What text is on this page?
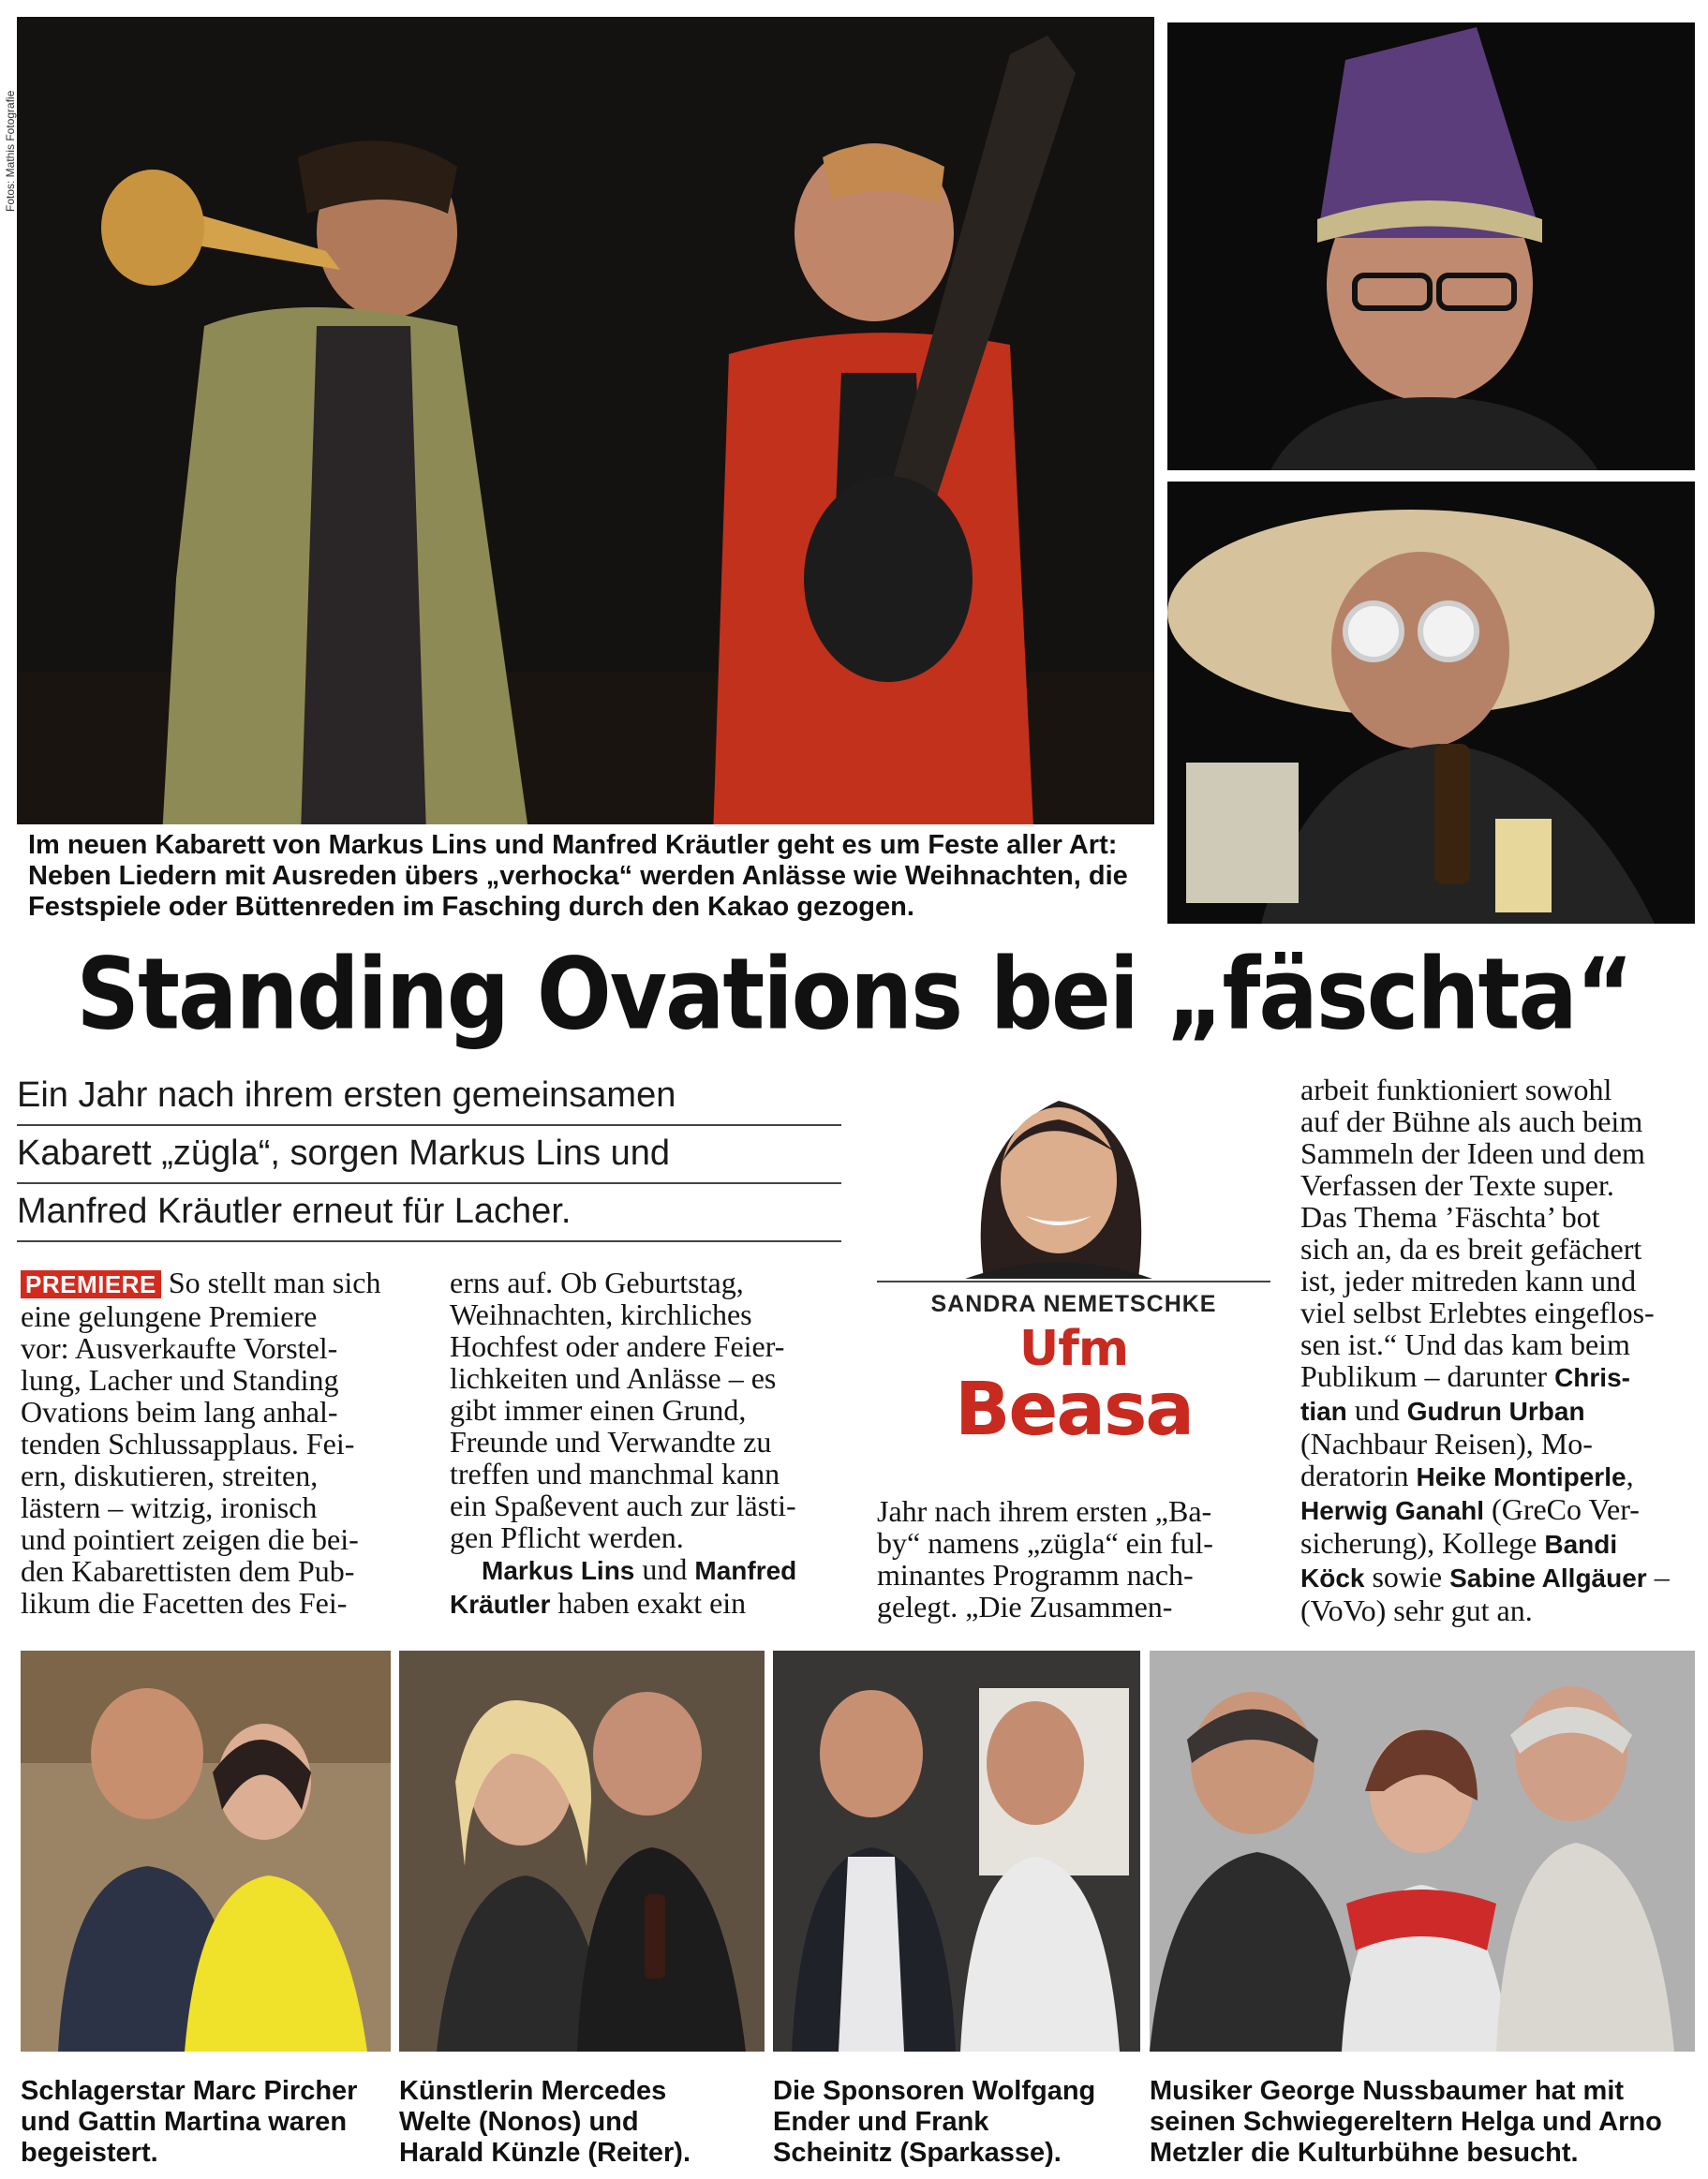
Fotos: Mathis Fotografie
Im neuen Kabarett von Markus Lins und Manfred Kräutler geht es um Feste aller Art:
Neben Liedern mit Ausreden übers „verhocka“ werden Anlässe wie Weihnachten, die
Festspiele oder Büttenreden im Fasching durch den Kakao gezogen.
Standing Ovations bei „fäschta“
Ein Jahr nach ihrem ersten gemeinsamen
Kabarett „zügla“, sorgen Markus Lins und
Manfred Kräutler erneut für Lacher.
PREMIERE So stellt man sich
eine gelungene Premiere
vor: Ausverkaufte Vorstel-
lung, Lacher und Standing
Ovations beim lang anhal-
tenden Schlussapplaus. Fei-
ern, diskutieren, streiten,
lästern – witzig, ironisch
und pointiert zeigen die bei-
den Kabarettisten dem Pub-
likum die Facetten des Fei-
erns auf. Ob Geburtstag,
Weihnachten, kirchliches
Hochfest oder andere Feier-
lichkeiten und Anlässe – es
gibt immer einen Grund,
Freunde und Verwandte zu
treffen und manchmal kann
ein Spaßevent auch zur lästi-
gen Pflicht werden.
Markus Lins und Manfred
Kräutler haben exakt ein
SANDRA NEMETSCHKE
Ufm
Beasa
Jahr nach ihrem ersten „Ba-
by“ namens „zügla“ ein ful-
minantes Programm nach-
gelegt. „Die Zusammen-
arbeit funktioniert sowohl
auf der Bühne als auch beim
Sammeln der Ideen und dem
Verfassen der Texte super.
Das Thema ’Fäschta’ bot
sich an, da es breit gefächert
ist, jeder mitreden kann und
viel selbst Erlebtes eingeflos-
sen ist.“ Und das kam beim
Publikum – darunter Chris-
tian und Gudrun Urban
(Nachbaur Reisen), Mo-
deratorin Heike Montiperle,
Herwig Ganahl (GreCo Ver-
sicherung), Kollege Bandi
Köck sowie Sabine Allgäuer –
(VoVo) sehr gut an.
Schlagerstar Marc Pircher
und Gattin Martina waren
begeistert.
Künstlerin Mercedes
Welte (Nonos) und
Harald Künzle (Reiter).
Die Sponsoren Wolfgang
Ender und Frank
Scheinitz (Sparkasse).
Musiker George Nussbaumer hat mit
seinen Schwiegereltern Helga und Arno
Metzler die Kulturbühne besucht.
